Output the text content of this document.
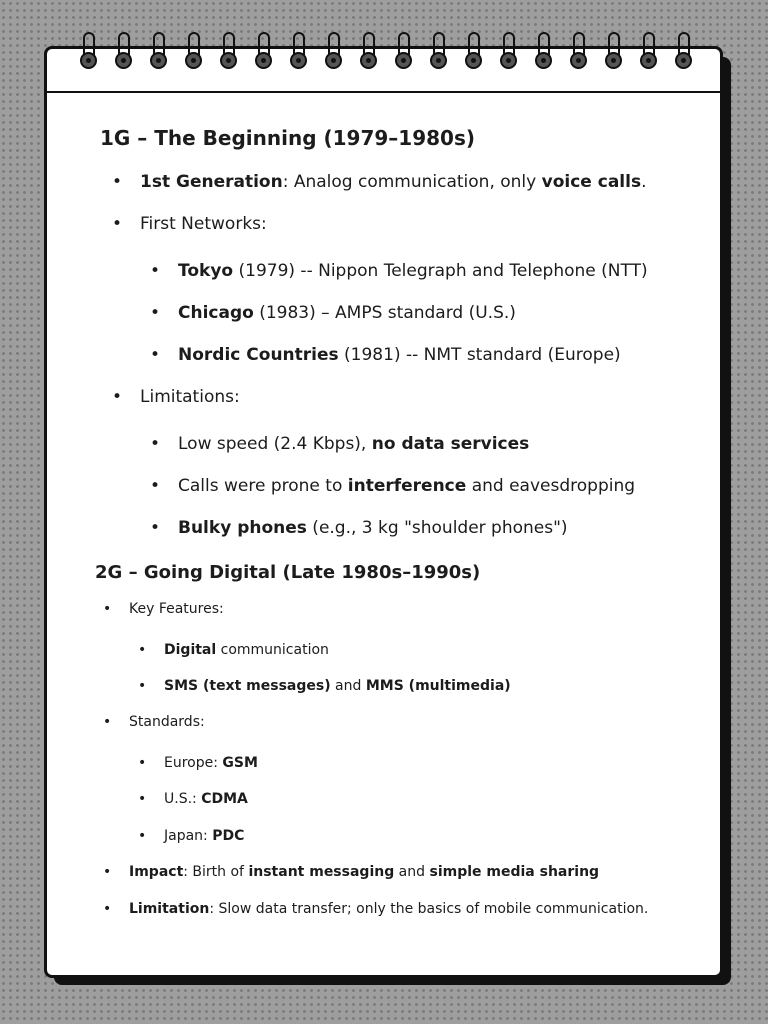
1G – The Beginning (1979–1980s)
• 1st Generation: Analog communication, only voice calls.
• First Networks:
• Tokyo (1979) -- Nippon Telegraph and Telephone (NTT)
• Chicago (1983) – AMPS standard (U.S.)
• Nordic Countries (1981) -- NMT standard (Europe)
• Limitations:
• Low speed (2.4 Kbps), no data services
• Calls were prone to interference and eavesdropping
• Bulky phones (e.g., 3 kg "shoulder phones")
2G – Going Digital (Late 1980s–1990s)
• Key Features:
• Digital communication
• SMS (text messages) and MMS (multimedia)
• Standards:
• Europe: GSM
• U.S.: CDMA
• Japan: PDC
• Impact: Birth of instant messaging and simple media sharing
• Limitation: Slow data transfer; only the basics of mobile communication.
